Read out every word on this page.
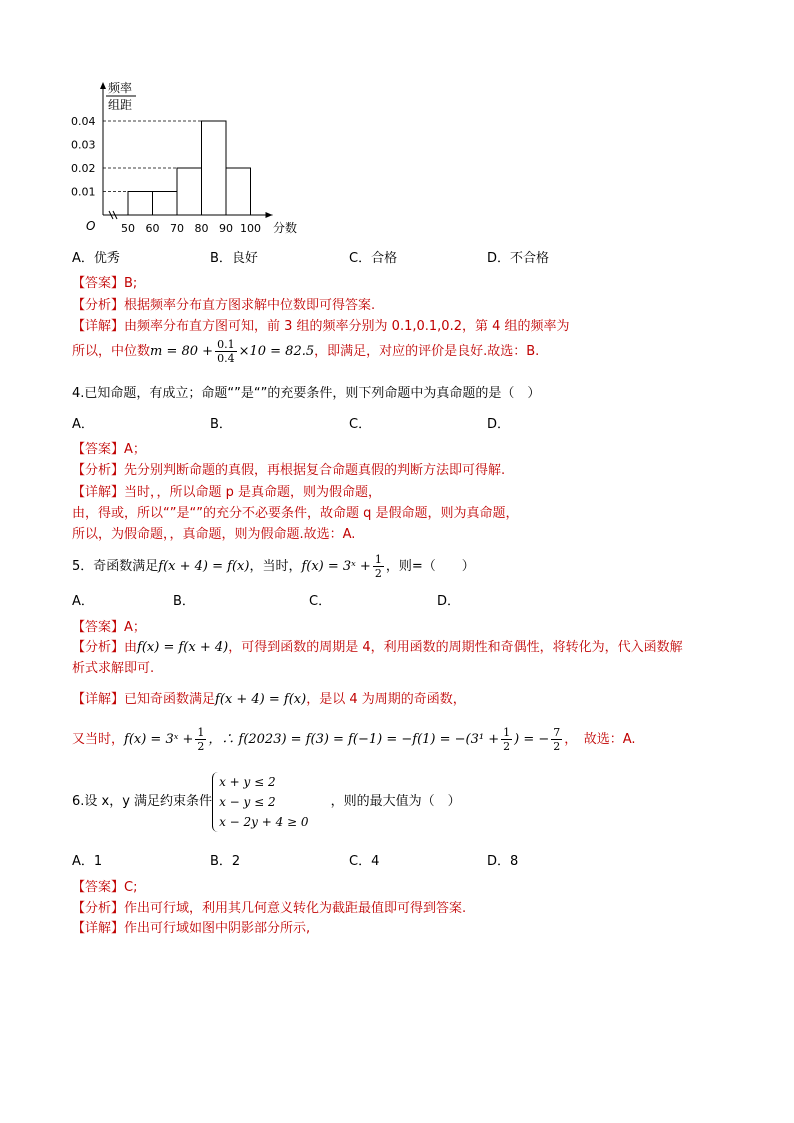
频率
组距
O	分数
0.01
0.02
0.03
0.04
50 60 70 80 90 100
A．优秀	B．良好	C．合格	D．不合格
【答案】B;
【分析】根据频率分布直方图求解中位数即可得答案.
【详解】由频率分布直方图可知，前 3 组的频率分别为 0.1,0.1,0.2，第 4 组的频率为
所以，中位数$m = 80 + \frac{0.1}{0.4} \times 10 = 82.5$，即满足，对应的评价是良好.故选：B.
4.已知命题，有成立；命题“”是“”的充要条件，则下列命题中为真命题的是（　）
A．	B．	C．	D．
【答案】A；
【分析】先分别判断命题的真假，再根据复合命题真假的判断方法即可得解.
【详解】当时，，所以命题 p 是真命题，则为假命题，
由，得或，所以“”是“”的充分不必要条件，故命题 q 是假命题，则为真命题，
所以，为假命题，，真命题，则为假命题.故选：A.
5．奇函数满足f(x + 4) = f(x)，当时，f(x) = 3ˣ + $\frac{1}{2}$ ，则=（　　）
A．	B．	C．	D．
【答案】A；
【分析】由f(x) = f(x + 4)，可得到函数的周期是 4，利用函数的周期性和奇偶性，将转化为，代入函数解
析式求解即可.
【详解】已知奇函数满足f(x + 4) = f(x)，是以 4 为周期的奇函数，
又当时，f(x) = 3ˣ + $\frac{1}{2}$ ，∴ $f(2023) = f(3) = f(-1) = -f(1) = -(3^1 + \frac{1}{2}$ ) = − $\frac{7}{2}$ ，　故选：A.
6.设 x，y 满足约束条件
x + y ≤ 2
x − y ≤ 2
x − 2y + 4 ≥ 0
，则的最大值为（　）
A．1	B．2	C．4	D．8
【答案】C;
【分析】作出可行域，利用其几何意义转化为截距最值即可得到答案.
【详解】作出可行域如图中阴影部分所示,
